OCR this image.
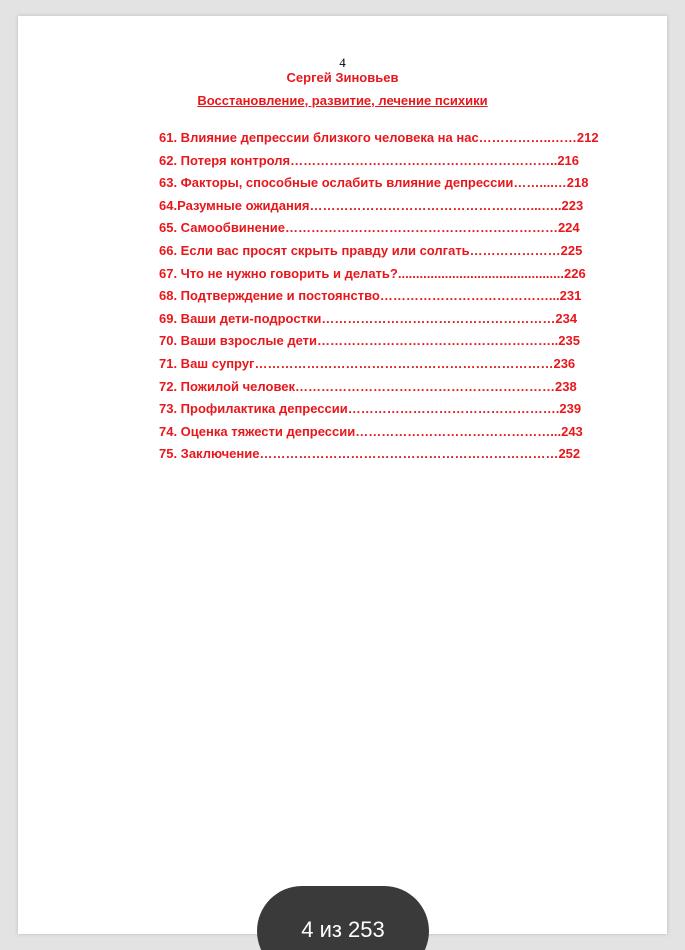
4
Сергей Зиновьев
Восстановление, развитие, лечение психики
61. Влияние депрессии близкого человека на нас……………..……212
62. Потеря контроля……………………………………………………..216
63. Факторы, способные ослабить влияние депрессии……....…218
64.Разумные ожидания……………………………………………...…..223
65. Самообвинение………………………………………………………224
66. Если вас просят скрыть правду или солгать…………………225
67. Что не нужно говорить и делать?..............................................226
68. Подтверждение и постоянство…………………………………...231
69. Ваши дети-подростки………………………………………………234
70. Ваши взрослые дети………………………………………………..235
71. Ваш супруг……………………………………………………………236
72. Пожилой человек……………………………………………………238
73. Профилактика депрессии………………………………………….239
74. Оценка тяжести депрессии………………………………………...243
75. Заключение……………………………………………………………252
4 из 253
